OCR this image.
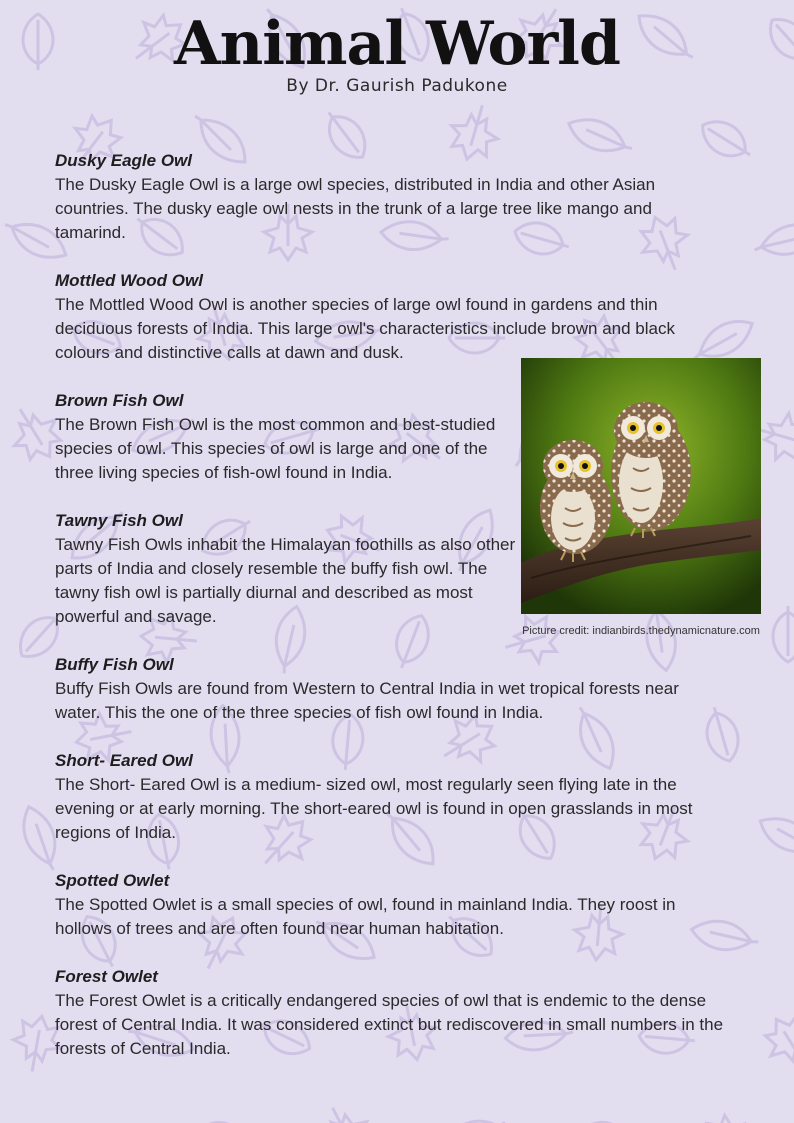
Animal World
By Dr. Gaurish Padukone
Dusky Eagle Owl
The Dusky Eagle Owl is a large owl species, distributed in India and other Asian countries. The dusky eagle owl nests in the trunk of a large tree like mango and tamarind.
Mottled Wood Owl
The Mottled Wood Owl is another species of large owl found in gardens and thin deciduous forests of India. This large owl's characteristics include brown and black colours and distinctive calls at dawn and dusk.
Brown Fish Owl
The Brown Fish Owl is the most common and best-studied species of owl. This species of owl is large and one of the three living species of fish-owl found in India.
Tawny Fish Owl
Tawny Fish Owls inhabit the Himalayan foothills as also other parts of India and closely resemble the buffy fish owl. The tawny fish owl is partially diurnal and described as most powerful and savage.
Buffy Fish Owl
Buffy Fish Owls are found from Western to Central India in wet tropical forests near water. This the one of the three species of fish owl found in India.
Short- Eared Owl
The Short- Eared Owl is a medium- sized owl, most regularly seen flying late in the evening or at early morning. The short-eared owl is found in open grasslands in most regions of India.
Spotted Owlet
The Spotted Owlet is a small species of owl, found in mainland India. They roost in hollows of trees and are often found near human habitation.
Forest Owlet
The Forest Owlet is a critically endangered species of owl that is endemic to the dense forest of Central India. It was considered extinct but rediscovered in small numbers in the forests of Central India.
Picture credit: indianbirds.thedynamicnature.com
